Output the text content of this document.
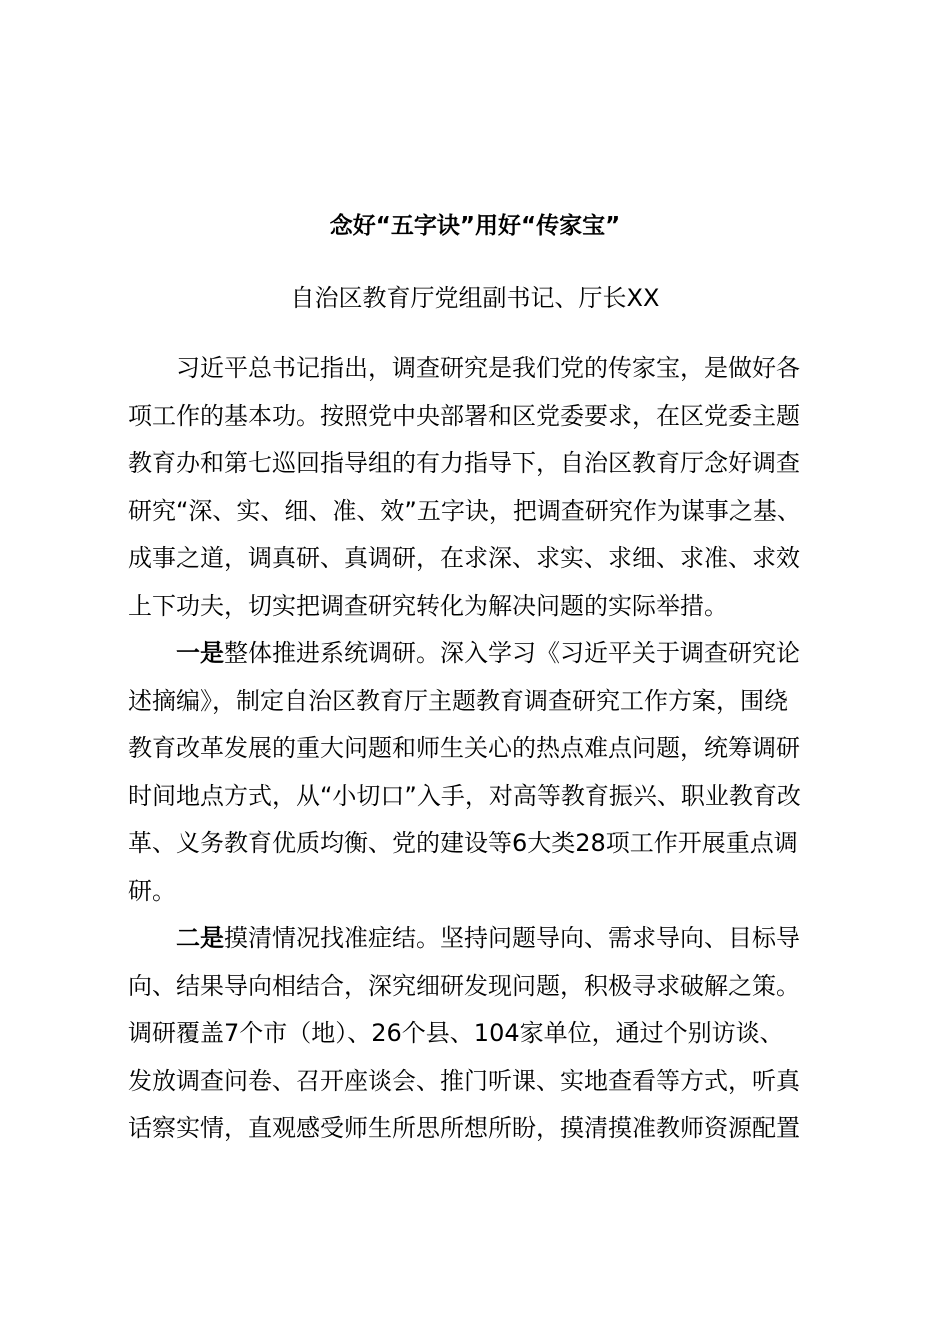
念好“五字诀”用好“传家宝”
自治区教育厅党组副书记、厅长XX
习近平总书记指出，调查研究是我们党的传家宝，是做好各
项工作的基本功。按照党中央部署和区党委要求，在区党委主题
教育办和第七巡回指导组的有力指导下，自治区教育厅念好调查
研究“深、实、细、准、效”五字诀，把调查研究作为谋事之基、
成事之道，调真研、真调研，在求深、求实、求细、求准、求效
上下功夫，切实把调查研究转化为解决问题的实际举措。
一是整体推进系统调研。深入学习《习近平关于调查研究论
述摘编》，制定自治区教育厅主题教育调查研究工作方案，围绕
教育改革发展的重大问题和师生关心的热点难点问题，统筹调研
时间地点方式，从“小切口”入手，对高等教育振兴、职业教育改
革、义务教育优质均衡、党的建设等6大类28项工作开展重点调
研。
二是摸清情况找准症结。坚持问题导向、需求导向、目标导
向、结果导向相结合，深究细研发现问题，积极寻求破解之策。
调研覆盖7个市（地）、26个县、104家单位，通过个别访谈、
发放调查问卷、召开座谈会、推门听课、实地查看等方式，听真
话察实情，直观感受师生所思所想所盼，摸清摸准教师资源配置
